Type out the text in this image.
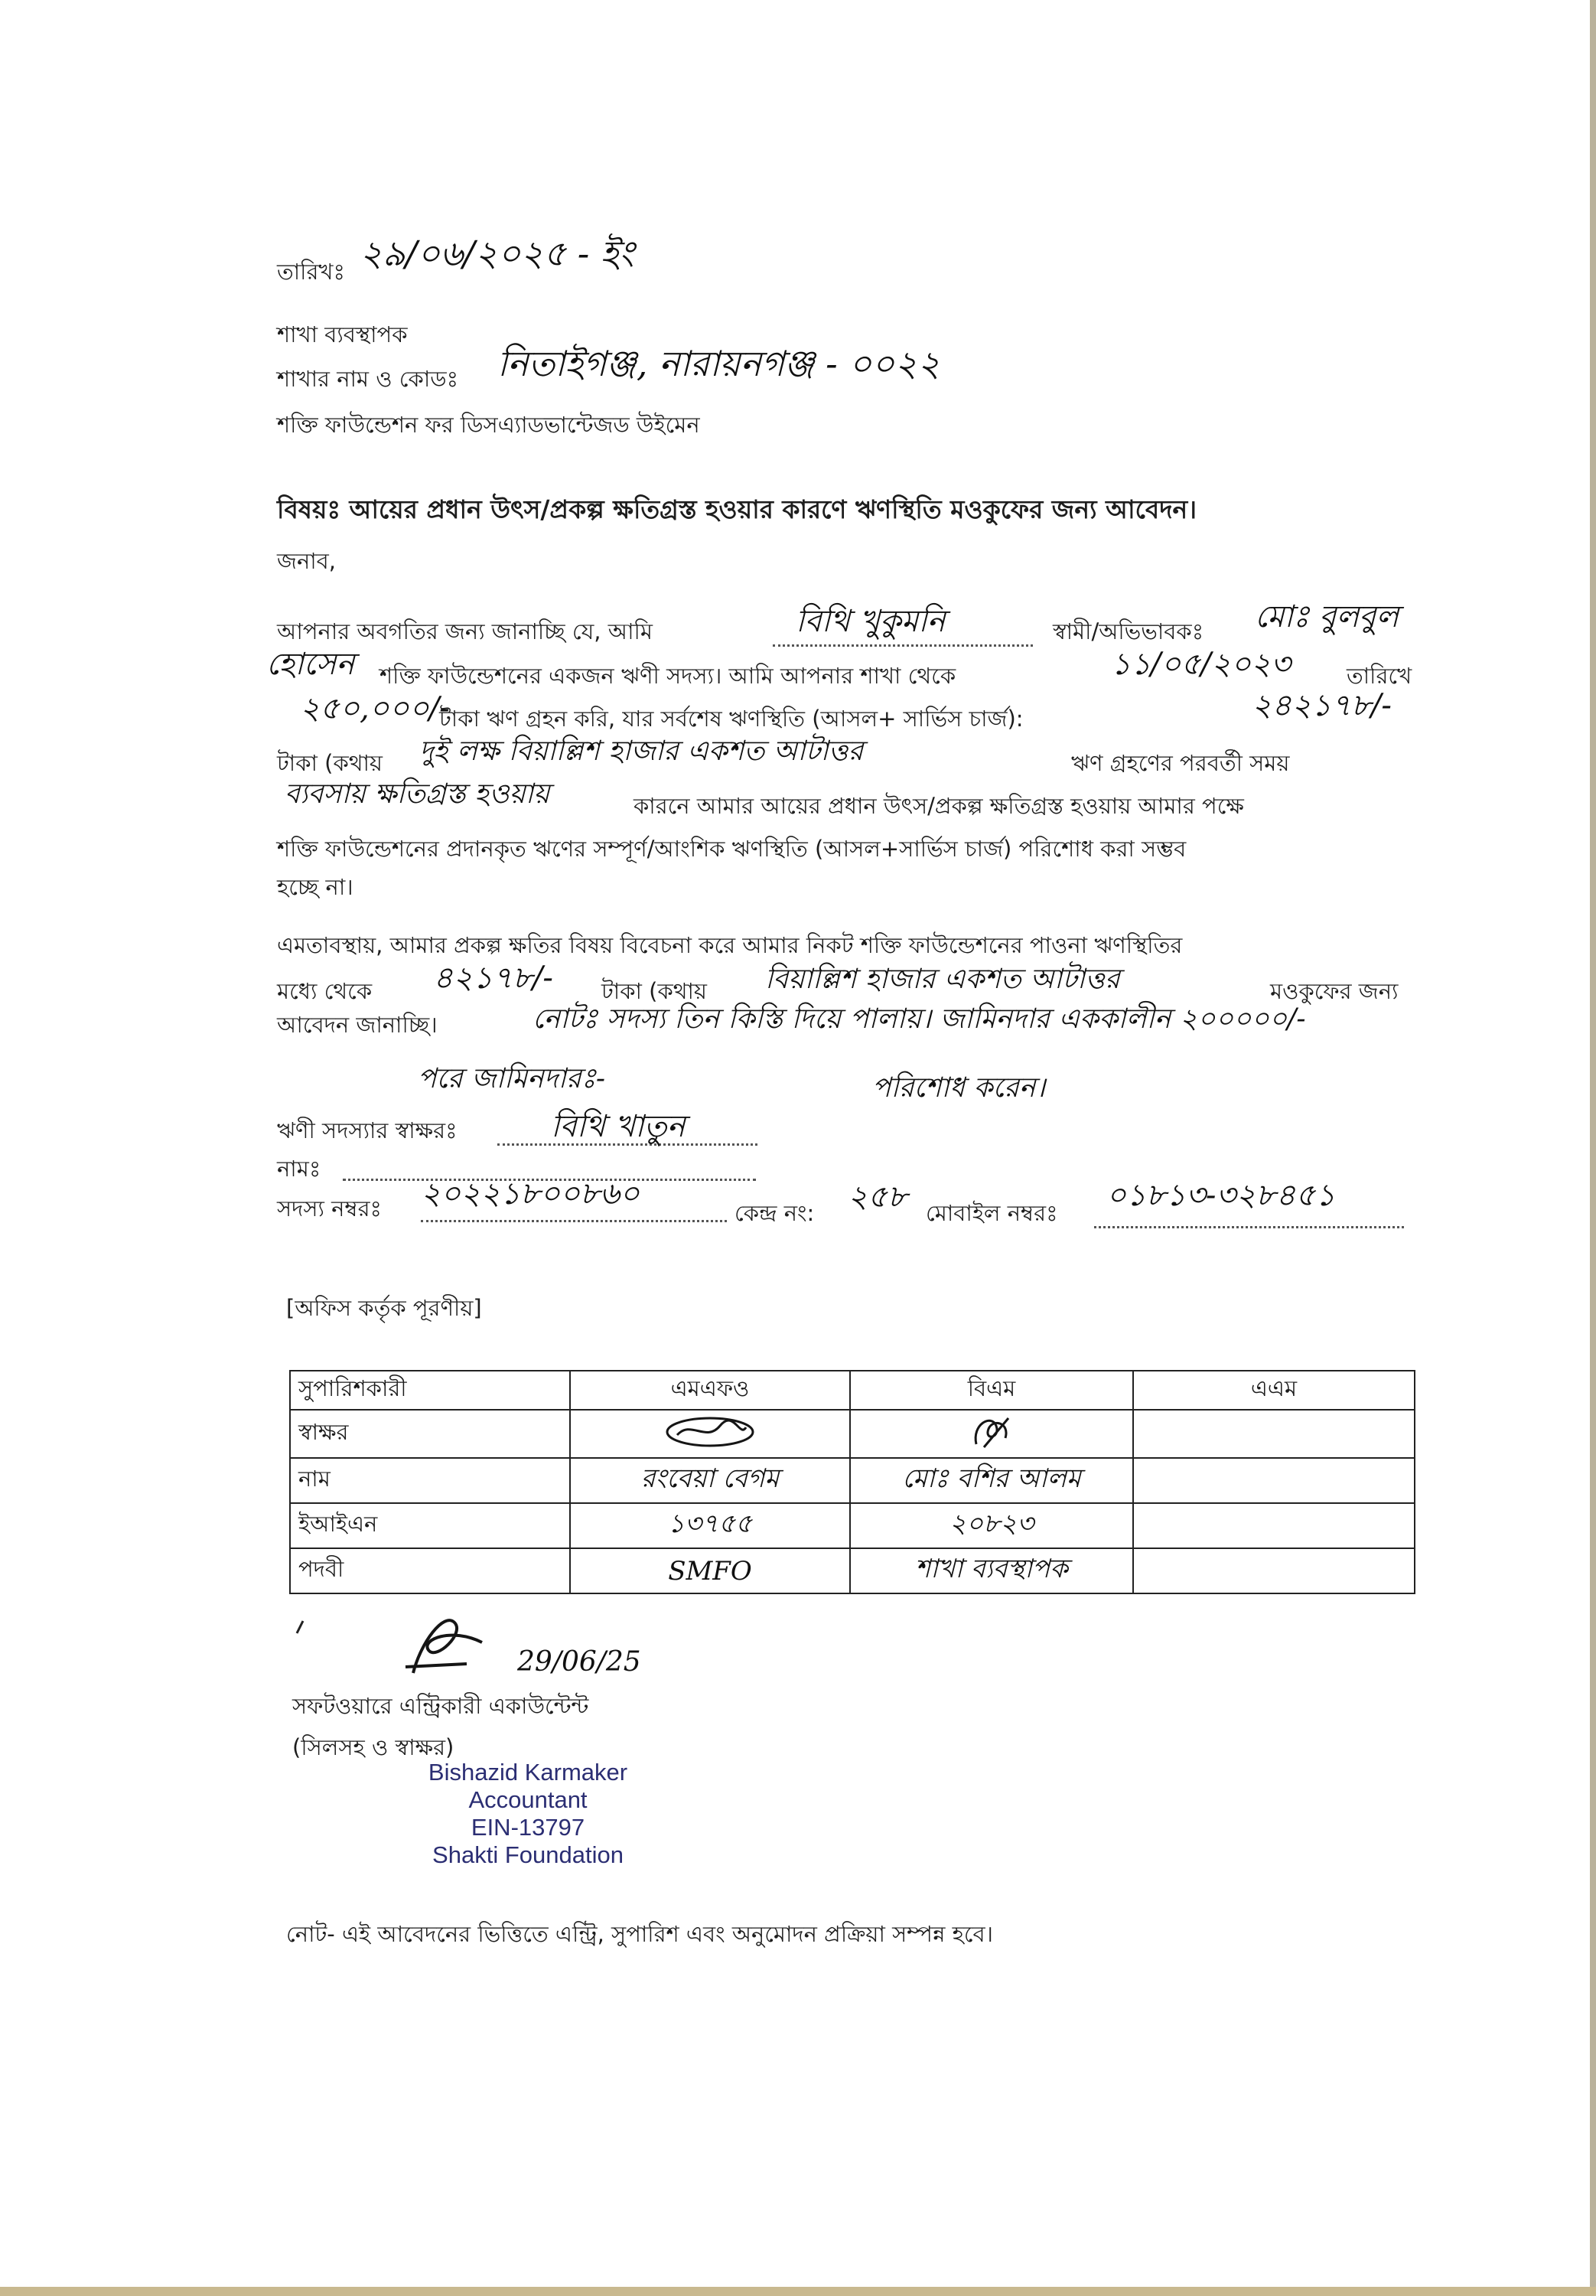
তারিখঃ ২৯/০৬/২০২৫ - ইং
শাখা ব্যবস্থাপক
শাখার নাম ও কোডঃ নিতাইগঞ্জ, নারায়নগঞ্জ - ০০২২
শক্তি ফাউন্ডেশন ফর ডিসএ্যাডভান্টেজড উইমেন
বিষয়ঃ আয়ের প্রধান উৎস/প্রকল্প ক্ষতিগ্রস্ত হওয়ার কারণে ঋণস্থিতি মওকুফের জন্য আবেদন।
জনাব,
আপনার অবগতির জন্য জানাচ্ছি যে, আমি	বিথি খুকুমনি	স্বামী/অভিভাবকঃ মোঃ বুলবুল
হোসেন শক্তি ফাউন্ডেশনের একজন ঋণী সদস্য। আমি আপনার শাখা থেকে	১১/০৫/২০২৩	তারিখে
২৫০,০০০/-
টাকা ঋণ গ্রহন করি, যার সর্বশেষ ঋণস্থিতি (আসল+ সার্ভিস চার্জ):	২৪২১৭৮/-
টাকা (কথায় দুই লক্ষ বিয়াল্লিশ হাজার একশত আটাত্তর	ঋণ গ্রহণের পরবর্তী সময়
ব্যবসায় ক্ষতিগ্রস্ত হওয়ায়	কারনে আমার আয়ের প্রধান উৎস/প্রকল্প ক্ষতিগ্রস্ত হওয়ায় আমার পক্ষে
শক্তি ফাউন্ডেশনের প্রদানকৃত ঋণের সম্পূর্ণ/আংশিক ঋণস্থিতি (আসল+সার্ভিস চার্জ) পরিশোধ করা সম্ভব
হচ্ছে না।
এমতাবস্থায়, আমার প্রকল্প ক্ষতির বিষয় বিবেচনা করে আমার নিকট শক্তি ফাউন্ডেশনের পাওনা ঋণস্থিতির
মধ্যে থেকে ৪২১৭৮/- টাকা (কথায় বিয়াল্লিশ হাজার একশত আটাত্তর	মওকুফের জন্য
আবেদন জানাচ্ছি।	নোটঃ সদস্য তিন কিস্তি দিয়ে পালায়। জামিনদার এককালীন ২০০০০০/-
পরে জামিনদারঃ-	পরিশোধ করেন।
ঋণী সদস্যার স্বাক্ষরঃ	বিথি খাতুন
নামঃ
সদস্য নম্বরঃ ২০২২১৮০০৮৬০
কেন্দ্র নং: ২৫৮ মোবাইল নম্বরঃ ০১৮১৩-৩২৮৪৫১
[অফিস কর্তৃক পূরণীয়]
সুপারিশকারী	এমএফও	বিএম	এএম
স্বাক্ষর			
নাম	রংবেয়া বেগম	মোঃ বশির আলম	
ইআইএন	১৩৭৫৫	২০৮২৩	
পদবী	SMFO	শাখা ব্যবস্থাপক	
29/06/25
সফটওয়ারে এন্ট্রিকারী একাউন্টেন্ট
(সিলসহ ও স্বাক্ষর)
Bishazid Karmaker
Accountant
EIN-13797
Shakti Foundation
নোট- এই আবেদনের ভিত্তিতে এন্ট্রি, সুপারিশ এবং অনুমোদন প্রক্রিয়া সম্পন্ন হবে।
